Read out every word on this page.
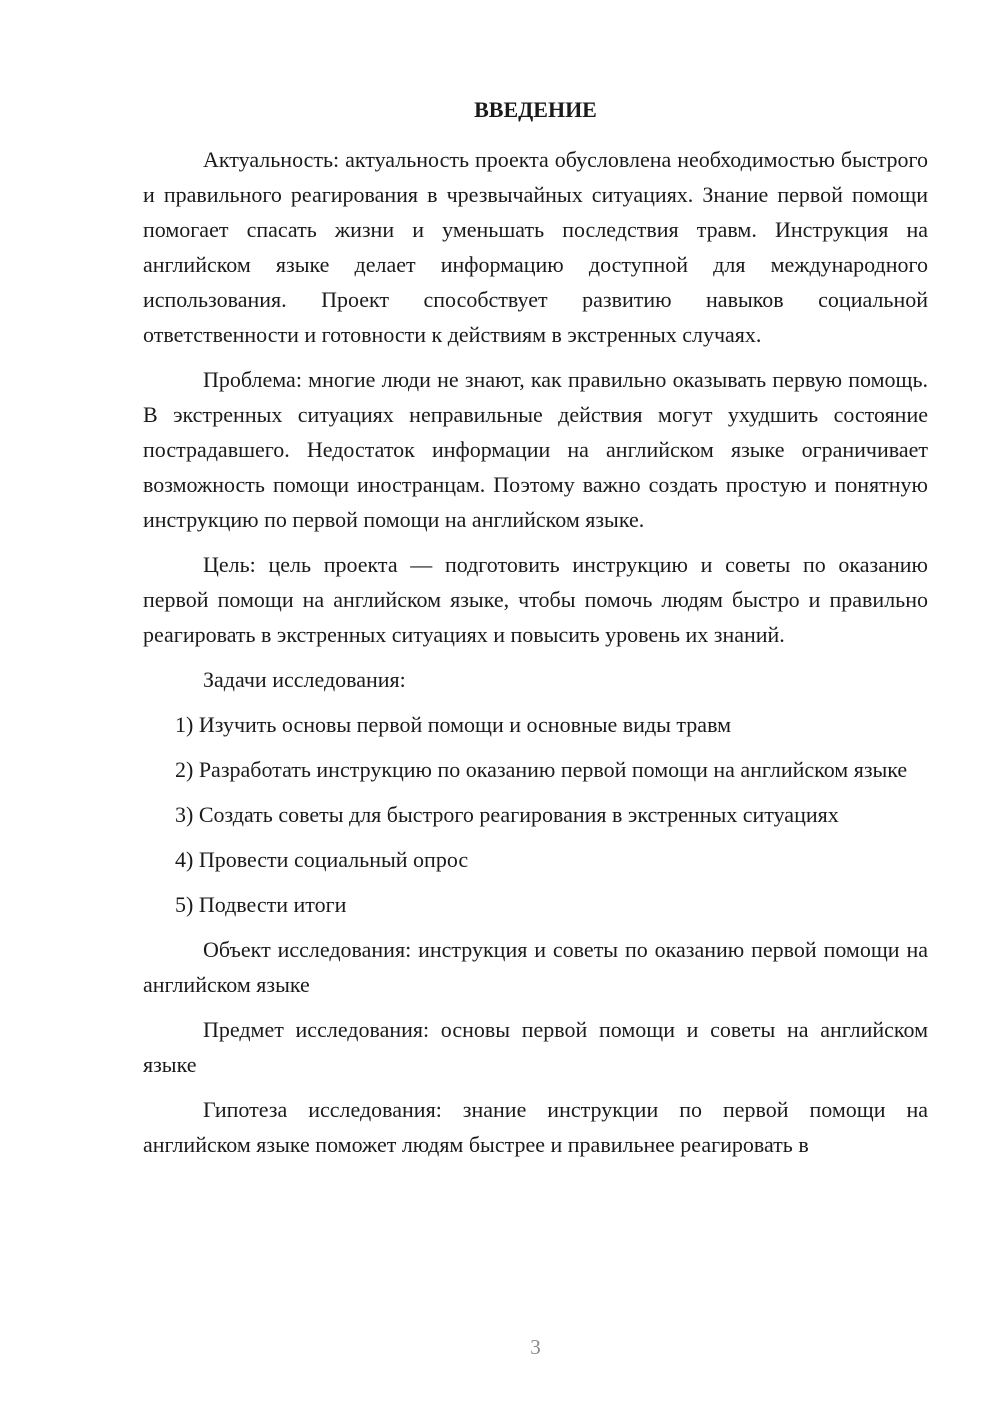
ВВЕДЕНИЕ

Актуальность: актуальность проекта обусловлена необходимостью быстрого и правильного реагирования в чрезвычайных ситуациях. Знание первой помощи помогает спасать жизни и уменьшать последствия травм. Инструкция на английском языке делает информацию доступной для международного использования. Проект способствует развитию навыков социальной ответственности и готовности к действиям в экстренных случаях.

Проблема: многие люди не знают, как правильно оказывать первую помощь. В экстренных ситуациях неправильные действия могут ухудшить состояние пострадавшего. Недостаток информации на английском языке ограничивает возможность помощи иностранцам. Поэтому важно создать простую и понятную инструкцию по первой помощи на английском языке.

Цель: цель проекта — подготовить инструкцию и советы по оказанию первой помощи на английском языке, чтобы помочь людям быстро и правильно реагировать в экстренных ситуациях и повысить уровень их знаний.

Задачи исследования:

1) Изучить основы первой помощи и основные виды травм

2) Разработать инструкцию по оказанию первой помощи на английском языке

3) Создать советы для быстрого реагирования в экстренных ситуациях

4) Провести социальный опрос

5) Подвести итоги

Объект исследования: инструкция и советы по оказанию первой помощи на английском языке

Предмет исследования: основы первой помощи и советы на английском языке

Гипотеза исследования: знание инструкции по первой помощи на английском языке поможет людям быстрее и правильнее реагировать в

3
